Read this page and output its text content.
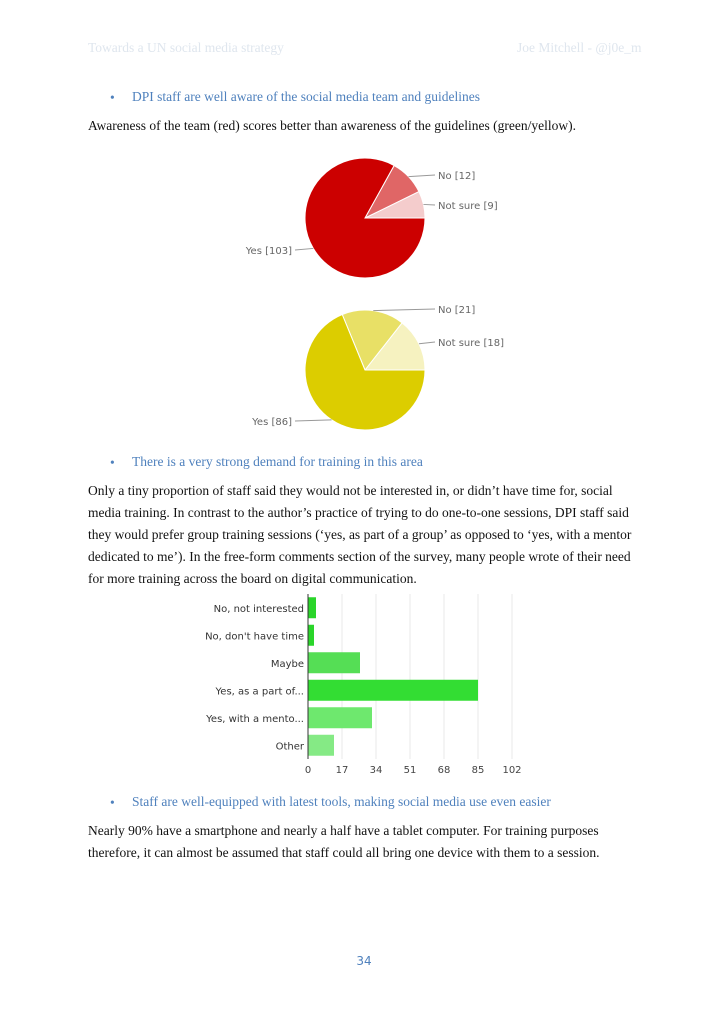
Towards a UN social media strategy	Joe Mitchell - @j0e_m
• DPI staff are well aware of the social media team and guidelines
Awareness of the team (red) scores better than awareness of the guidelines (green/yellow).
No [12]
Not sure [9]
Yes [103]
No [21]
Not sure [18]
Yes [86]
• There is a very strong demand for training in this area
Only a tiny proportion of staff said they would not be interested in, or didn’t have time for, social media training. In contrast to the author’s practice of trying to do one-to-one sessions, DPI staff said they would prefer group training sessions (‘yes, as part of a group’ as opposed to ‘yes, with a mentor dedicated to me’). In the free-form comments section of the survey, many people wrote of their need for more training across the board on digital communication.
0 17 34 51 68 85 102
No, not interested
No, don't have time
Maybe
Yes, as a part of...
Yes, with a mento...
Other
• Staff are well-equipped with latest tools, making social media use even easier
Nearly 90% have a smartphone and nearly a half have a tablet computer. For training purposes therefore, it can almost be assumed that staff could all bring one device with them to a session.
34
